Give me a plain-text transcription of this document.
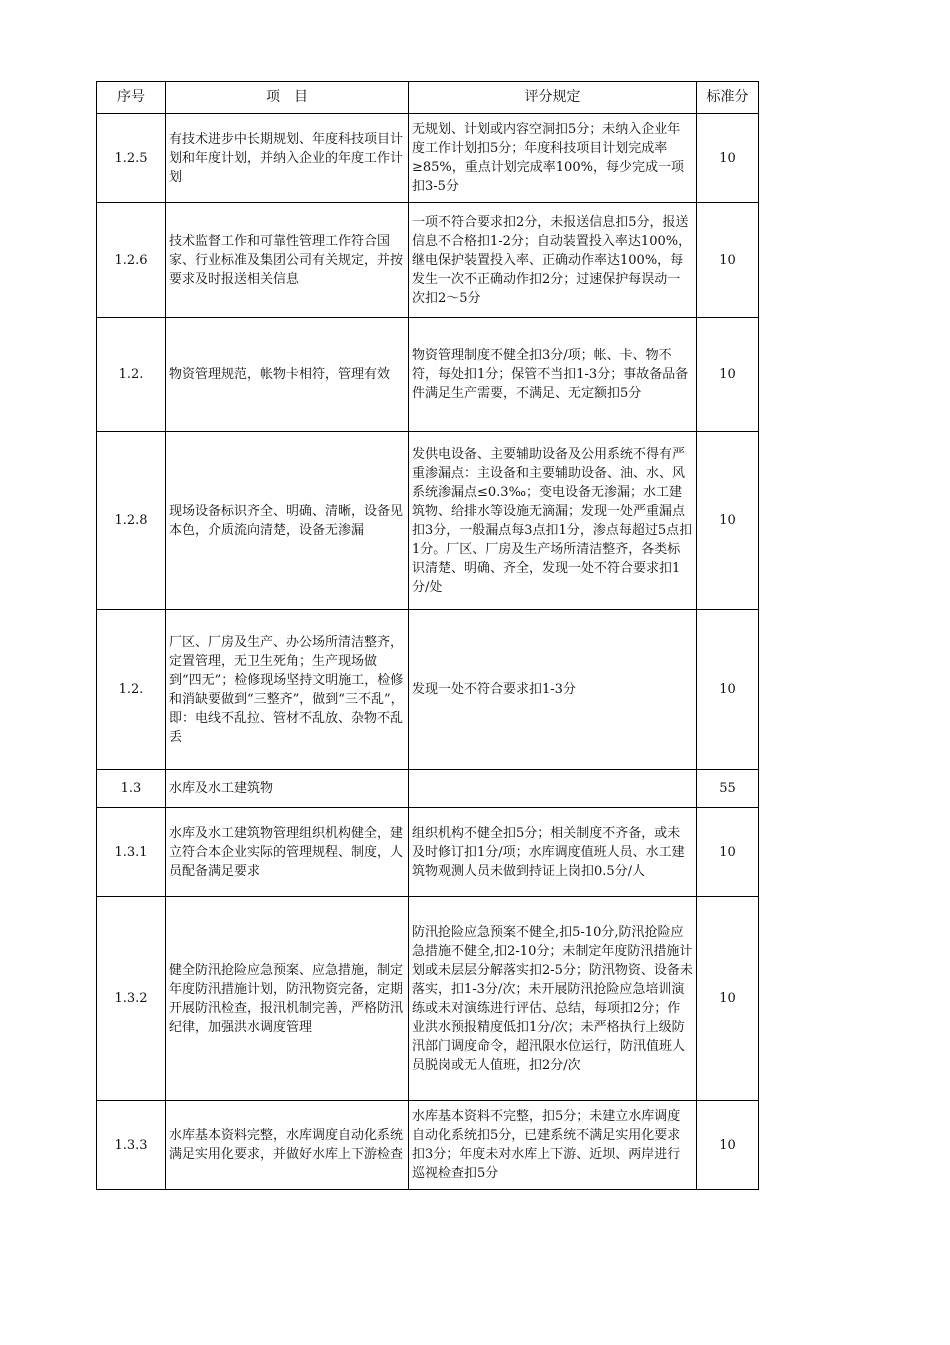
序号	项　目	评分规定	标准分
1.2.5	有技术进步中长期规划、年度科技项目计划和年度计划，并纳入企业的年度工作计划	无规划、计划或内容空洞扣5分；未纳入企业年度工作计划扣5分；年度科技项目计划完成率≥85%，重点计划完成率100%，每少完成一项扣3-5分	10
1.2.6	技术监督工作和可靠性管理工作符合国家、行业标准及集团公司有关规定，并按要求及时报送相关信息	一项不符合要求扣2分，未报送信息扣5分，报送信息不合格扣1-2分；自动装置投入率达100%，继电保护装置投入率、正确动作率达100%，每发生一次不正确动作扣2分；过速保护每误动一次扣2～5分	10
1.2.	物资管理规范，帐物卡相符，管理有效	物资管理制度不健全扣3分/项；帐、卡、物不符，每处扣1分；保管不当扣1-3分；事故备品备件满足生产需要，不满足、无定额扣5分	10
1.2.8	现场设备标识齐全、明确、清晰，设备见本色，介质流向清楚，设备无渗漏	发供电设备、主要辅助设备及公用系统不得有严重渗漏点：主设备和主要辅助设备、油、水、风系统渗漏点≤0.3‰；变电设备无渗漏；水工建筑物、给排水等设施无滴漏；发现一处严重漏点扣3分，一般漏点每3点扣1分，渗点每超过5点扣1分。厂区、厂房及生产场所清洁整齐，各类标识清楚、明确、齐全，发现一处不符合要求扣1分/处	10
1.2.	厂区、厂房及生产、办公场所清洁整齐，定置管理，无卫生死角；生产现场做到“四无”；检修现场坚持文明施工，检修和消缺要做到“三整齐”，做到“三不乱”，即：电线不乱拉、管材不乱放、杂物不乱丢	发现一处不符合要求扣1-3分	10
1.3	水库及水工建筑物		55
1.3.1	水库及水工建筑物管理组织机构健全，建立符合本企业实际的管理规程、制度，人员配备满足要求	组织机构不健全扣5分；相关制度不齐备，或未及时修订扣1分/项；水库调度值班人员、水工建筑物观测人员未做到持证上岗扣0.5分/人	10
1.3.2	健全防汛抢险应急预案、应急措施，制定年度防汛措施计划，防汛物资完备，定期开展防汛检查，报汛机制完善，严格防汛纪律，加强洪水调度管理	防汛抢险应急预案不健全,扣5-10分,防汛抢险应急措施不健全,扣2-10分；未制定年度防汛措施计划或未层层分解落实扣2-5分；防汛物资、设备未落实，扣1-3分/次；未开展防汛抢险应急培训演练或未对演练进行评估、总结，每项扣2分；作业洪水预报精度低扣1分/次；未严格执行上级防汛部门调度命令，超汛限水位运行，防汛值班人员脱岗或无人值班，扣2分/次	10
1.3.3	水库基本资料完整，水库调度自动化系统满足实用化要求，并做好水库上下游检查	水库基本资料不完整，扣5分；未建立水库调度自动化系统扣5分，已建系统不满足实用化要求扣3分；年度未对水库上下游、近坝、两岸进行巡视检查扣5分	10
